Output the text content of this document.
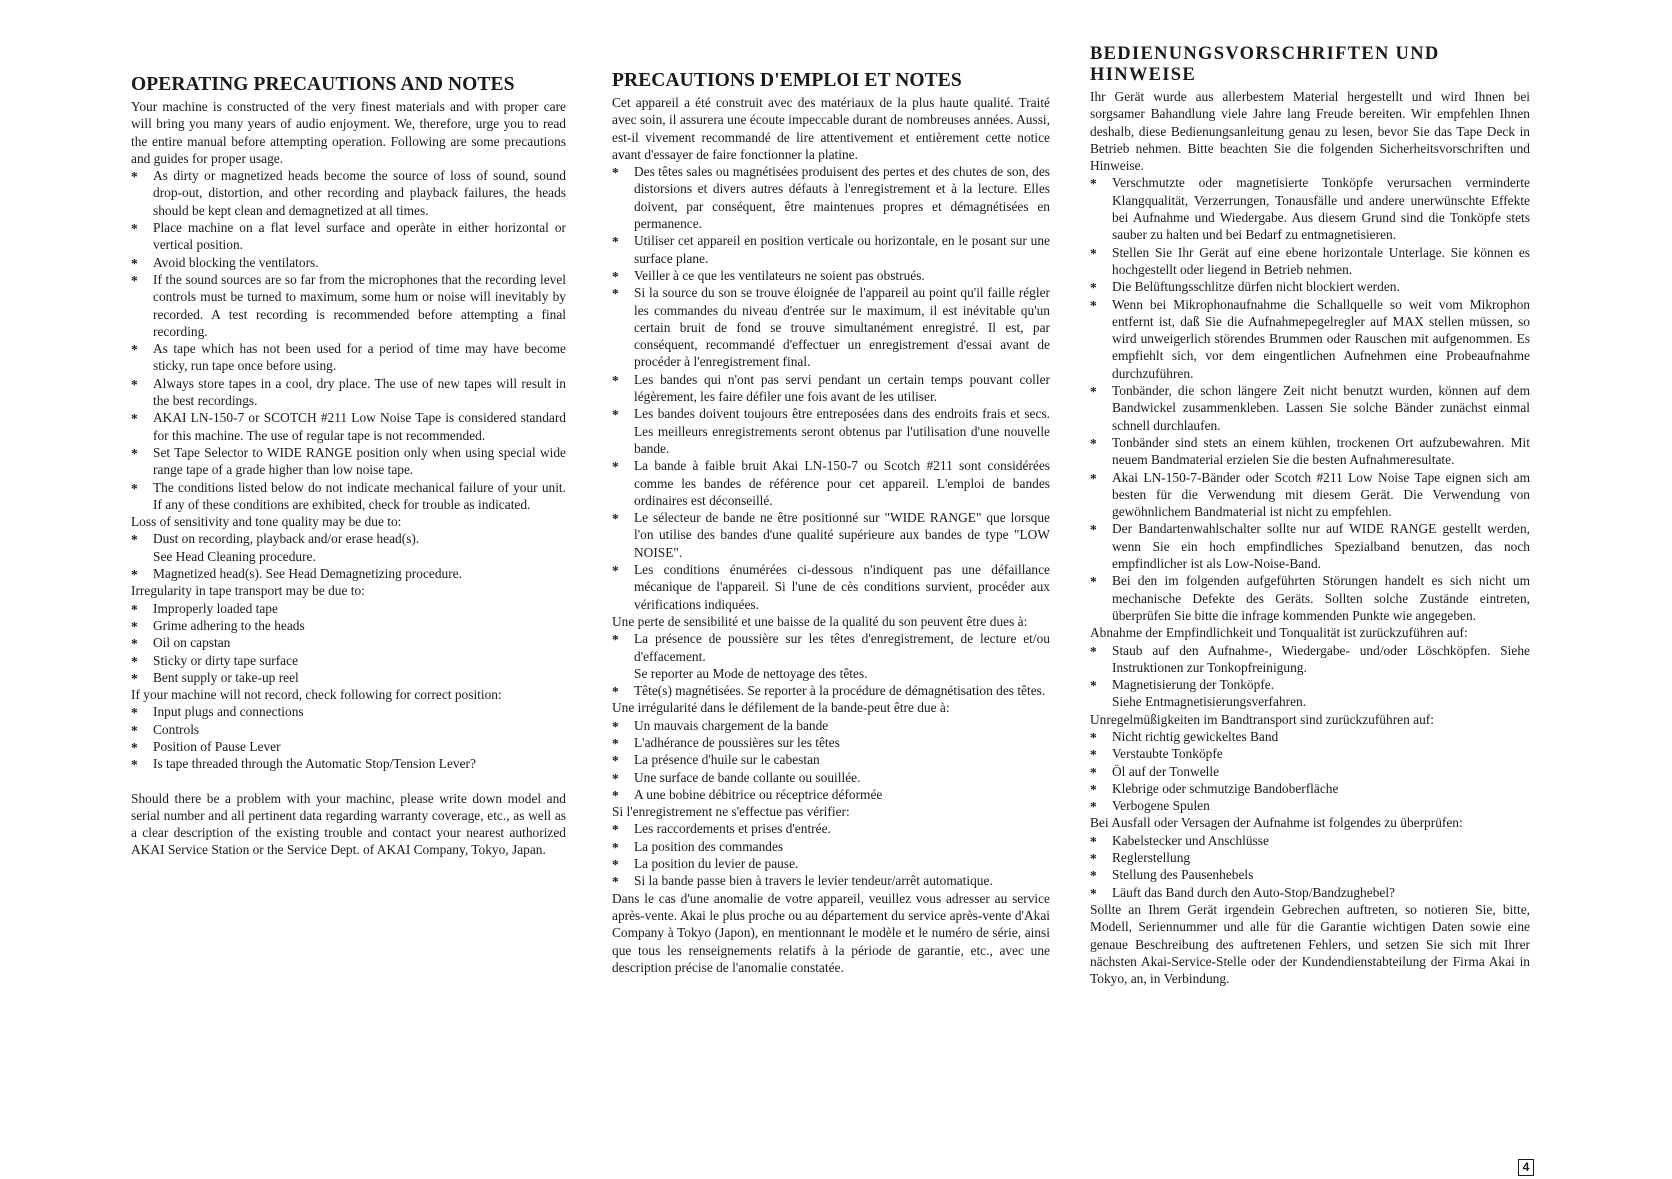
OPERATING PRECAUTIONS AND NOTES

Your machine is constructed of the very finest materials and with proper care will bring you many years of audio enjoyment. We, therefore, urge you to read the entire manual before attempting operation. Following are some precautions and guides for proper usage.

* As dirty or magnetized heads become the source of loss of sound, sound drop-out, distortion, and other recording and playback failures, the heads should be kept clean and demagnetized at all times.
* Place machine on a flat level surface and operàte in either horizontal or vertical position.
* Avoid blocking the ventilators.
* If the sound sources are so far from the microphones that the recording level controls must be turned to maximum, some hum or noise will inevitably by recorded. A test recording is recommended before attempting a final recording.
* As tape which has not been used for a period of time may have become sticky, run tape once before using.
* Always store tapes in a cool, dry place. The use of new tapes will result in the best recordings.
* AKAI LN-150-7 or SCOTCH #211 Low Noise Tape is considered standard for this machine. The use of regular tape is not recommended.
* Set Tape Selector to WIDE RANGE position only when using special wide range tape of a grade higher than low noise tape.
* The conditions listed below do not indicate mechanical failure of your unit. If any of these conditions are exhibited, check for trouble as indicated.

Loss of sensitivity and tone quality may be due to:

* Dust on recording, playback and/or erase head(s).
See Head Cleaning procedure.
* Magnetized head(s). See Head Demagnetizing procedure.

Irregularity in tape transport may be due to:

* Improperly loaded tape
* Grime adhering to the heads
* Oil on capstan
* Sticky or dirty tape surface
* Bent supply or take-up reel

If your machine will not record, check following for correct position:

* Input plugs and connections
* Controls
* Position of Pause Lever
* Is tape threaded through the Automatic Stop/Tension Lever?

Should there be a problem with your machinc, please write down model and serial number and all pertinent data regarding warranty coverage, etc., as well as a clear description of the existing trouble and contact your nearest authorized AKAI Service Station or the Service Dept. of AKAI Company, Tokyo, Japan.

PRECAUTIONS D'EMPLOI ET NOTES

Cet appareil a été construit avec des matériaux de la plus haute qualité. Traité avec soin, il assurera une écoute impeccable durant de nombreuses années. Aussi, est-il vivement recommandé de lire attentivement et entièrement cette notice avant d'essayer de faire fonctionner la platine.

* Des têtes sales ou magnétisées produisent des pertes et des chutes de son, des distorsions et divers autres défauts à l'enregistrement et à la lecture. Elles doivent, par conséquent, être maintenues propres et démagnétisées en permanence.
* Utiliser cet appareil en position verticale ou horizontale, en le posant sur une surface plane.
* Veiller à ce que les ventilateurs ne soient pas obstrués.
* Si la source du son se trouve éloignée de l'appareil au point qu'il faille régler les commandes du niveau d'entrée sur le maximum, il est inévitable qu'un certain bruit de fond se trouve simultanément enregistré. Il est, par conséquent, recommandé d'effectuer un enregistrement d'essai avant de procéder à l'enregistrement final.
* Les bandes qui n'ont pas servi pendant un certain temps pouvant coller légèrement, les faire défiler une fois avant de les utiliser.
* Les bandes doivent toujours être entreposées dans des endroits frais et secs. Les meilleurs enregistrements seront obtenus par l'utilisation d'une nouvelle bande.
* La bande à faible bruit Akai LN-150-7 ou Scotch #211 sont considérées comme les bandes de référence pour cet appareil. L'emploi de bandes ordinaires est déconseillé.
* Le sélecteur de bande ne être positionné sur "WIDE RANGE" que lorsque l'on utilise des bandes d'une qualité supérieure aux bandes de type "LOW NOISE".
* Les conditions énumérées ci-dessous n'indiquent pas une défaillance mécanique de l'appareil. Si l'une de cès conditions survient, procéder aux vérifications indiquées.

Une perte de sensibilité et une baisse de la qualité du son peuvent être dues à:

* La présence de poussière sur les têtes d'enregistrement, de lecture et/ou d'effacement.
Se reporter au Mode de nettoyage des têtes.
* Tête(s) magnétisées. Se reporter à la procédure de démagnétisation des têtes.

Une irrégularité dans le défilement de la bande-peut être due à:

* Un mauvais chargement de la bande
* L'adhérance de poussières sur les têtes
* La présence d'huile sur le cabestan
* Une surface de bande collante ou souillée.
* A une bobine débitrice ou réceptrice déformée

Si l'enregistrement ne s'effectue pas vérifier:

* Les raccordements et prises d'entrée.
* La position des commandes
* La position du levier de pause.
* Si la bande passe bien à travers le levier tendeur/arrêt automatique.

Dans le cas d'une anomalie de votre appareil, veuillez vous adresser au service après-vente. Akai le plus proche ou au département du service après-vente d'Akai Company à Tokyo (Japon), en mentionnant le modèle et le numéro de série, ainsi que tous les renseignements relatifs à la période de garantie, etc., avec une description précise de l'anomalie constatée.

BEDIENUNGSVORSCHRIFTEN UND HINWEISE

Ihr Gerät wurde aus allerbestem Material hergestellt und wird Ihnen bei sorgsamer Bahandlung viele Jahre lang Freude bereiten. Wir empfehlen Ihnen deshalb, diese Bedienungsanleitung genau zu lesen, bevor Sie das Tape Deck in Betrieb nehmen. Bitte beachten Sie die folgenden Sicherheitsvorschriften und Hinweise.

* Verschmutzte oder magnetisierte Tonköpfe verursachen verminderte Klangqualität, Verzerrungen, Tonausfälle und andere unerwünschte Effekte bei Aufnahme und Wiedergabe. Aus diesem Grund sind die Tonköpfe stets sauber zu halten und bei Bedarf zu entmagnetisieren.
* Stellen Sie Ihr Gerät auf eine ebene horizontale Unterlage. Sie können es hochgestellt oder liegend in Betrieb nehmen.
* Die Belüftungsschlitze dürfen nicht blockiert werden.
* Wenn bei Mikrophonaufnahme die Schallquelle so weit vom Mikrophon entfernt ist, daß Sie die Aufnahmepegelregler auf MAX stellen müssen, so wird unweigerlich störendes Brummen oder Rauschen mit aufgenommen. Es empfiehlt sich, vor dem eingentlichen Aufnehmen eine Probeaufnahme durchzuführen.
* Tonbänder, die schon längere Zeit nicht benutzt wurden, können auf dem Bandwickel zusammenkleben. Lassen Sie solche Bänder zunächst einmal schnell durchlaufen.
* Tonbänder sind stets an einem kühlen, trockenen Ort aufzubewahren. Mit neuem Bandmaterial erzielen Sie die besten Aufnahmeresultate.
* Akai LN-150-7-Bänder oder Scotch #211 Low Noise Tape eignen sich am besten für die Verwendung mit diesem Gerät. Die Verwendung von gewöhnlichem Bandmaterial ist nicht zu empfehlen.
* Der Bandartenwahlschalter sollte nur auf WIDE RANGE gestellt werden, wenn Sie ein hoch empfindliches Spezialband benutzen, das noch empfindlicher ist als Low-Noise-Band.
* Bei den im folgenden aufgeführten Störungen handelt es sich nicht um mechanische Defekte des Geräts. Sollten solche Zustände eintreten, überprüfen Sie bitte die infrage kommenden Punkte wie angegeben.

Abnahme der Empfindlichkeit und Tonqualität ist zurückzuführen auf:

* Staub auf den Aufnahme-, Wiedergabe- und/oder Löschköpfen. Siehe Instruktionen zur Tonkopfreinigung.
* Magnetisierung der Tonköpfe.
Siehe Entmagnetisierungsverfahren.

Unregelmüßigkeiten im Bandtransport sind zurückzuführen auf:

* Nicht richtig gewickeltes Band
* Verstaubte Tonköpfe
* Öl auf der Tonwelle
* Klebrige oder schmutzige Bandoberfläche
* Verbogene Spulen

Bei Ausfall oder Versagen der Aufnahme ist folgendes zu überprüfen:

* Kabelstecker und Anschlüsse
* Reglerstellung
* Stellung des Pausenhebels
* Läuft das Band durch den Auto-Stop/Bandzughebel?

Sollte an Ihrem Gerät irgendein Gebrechen auftreten, so notieren Sie, bitte, Modell, Seriennummer und alle für die Garantie wichtigen Daten sowie eine genaue Beschreibung des auftretenen Fehlers, und setzen Sie sich mit Ihrer nächsten Akai-Service-Stelle oder der Kundendienstabteilung der Firma Akai in Tokyo, an, in Verbindung.

4
